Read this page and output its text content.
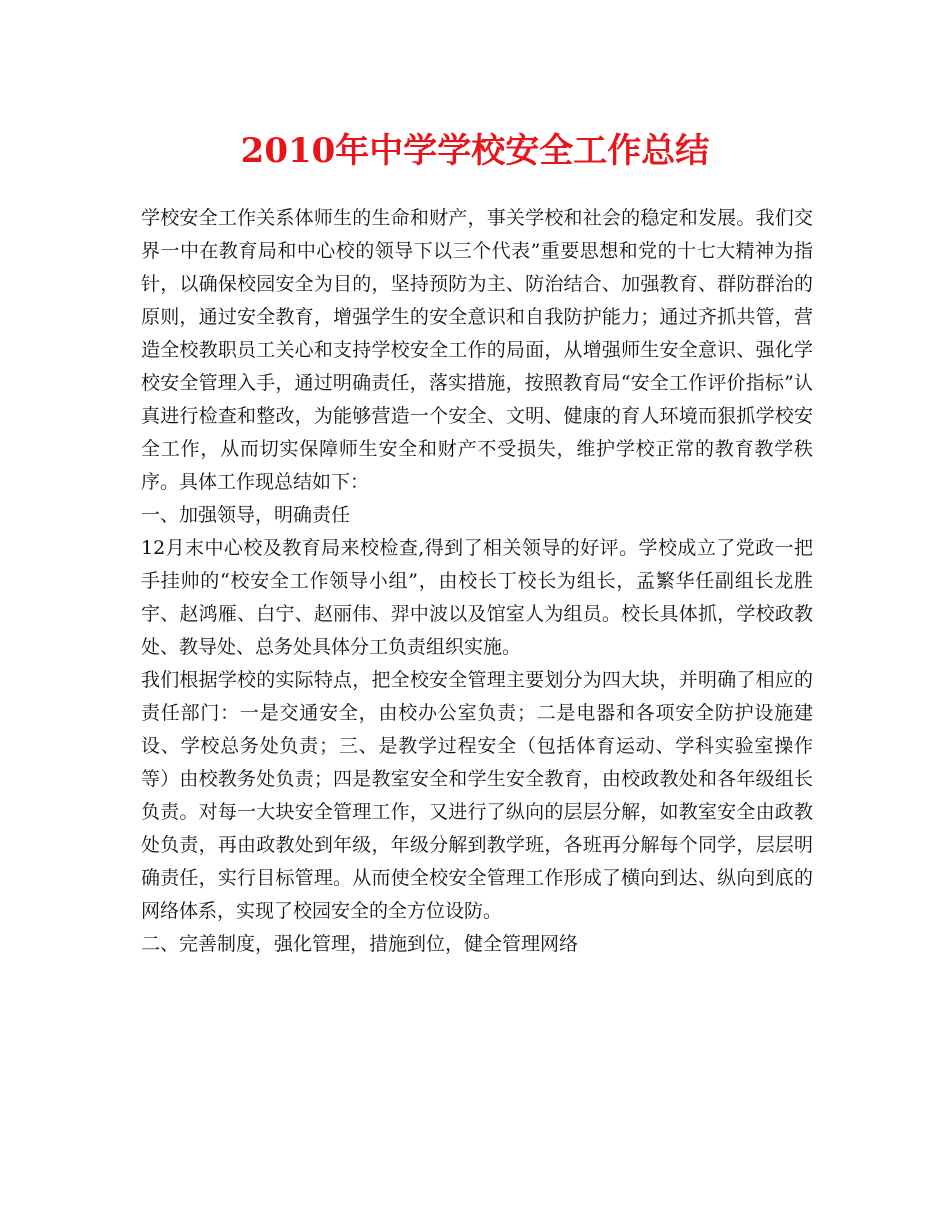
2010年中学学校安全工作总结

学校安全工作关系体师生的生命和财产，事关学校和社会的稳定和发展。我们交界一中在教育局和中心校的领导下以三个代表”重要思想和党的十七大精神为指针，以确保校园安全为目的，坚持预防为主、防治结合、加强教育、群防群治的原则，通过安全教育，增强学生的安全意识和自我防护能力；通过齐抓共管，营造全校教职员工关心和支持学校安全工作的局面，从增强师生安全意识、强化学校安全管理入手，通过明确责任，落实措施，按照教育局“安全工作评价指标”认真进行检查和整改，为能够营造一个安全、文明、健康的育人环境而狠抓学校安全工作，从而切实保障师生安全和财产不受损失，维护学校正常的教育教学秩序。具体工作现总结如下：

一、加强领导，明确责任

12月末中心校及教育局来校检查,得到了相关领导的好评。学校成立了党政一把手挂帅的“校安全工作领导小组”，由校长丁校长为组长，孟繁华任副组长龙胜宇、赵鸿雁、白宁、赵丽伟、羿中波以及馆室人为组员。校长具体抓，学校政教处、教导处、总务处具体分工负责组织实施。

我们根据学校的实际特点，把全校安全管理主要划分为四大块，并明确了相应的责任部门：一是交通安全，由校办公室负责；二是电器和各项安全防护设施建设、学校总务处负责；三、是教学过程安全（包括体育运动、学科实验室操作等）由校教务处负责；四是教室安全和学生安全教育，由校政教处和各年级组长负责。对每一大块安全管理工作，又进行了纵向的层层分解，如教室安全由政教处负责，再由政教处到年级，年级分解到教学班，各班再分解每个同学，层层明确责任，实行目标管理。从而使全校安全管理工作形成了横向到达、纵向到底的网络体系，实现了校园安全的全方位设防。

二、完善制度，强化管理，措施到位，健全管理网络
